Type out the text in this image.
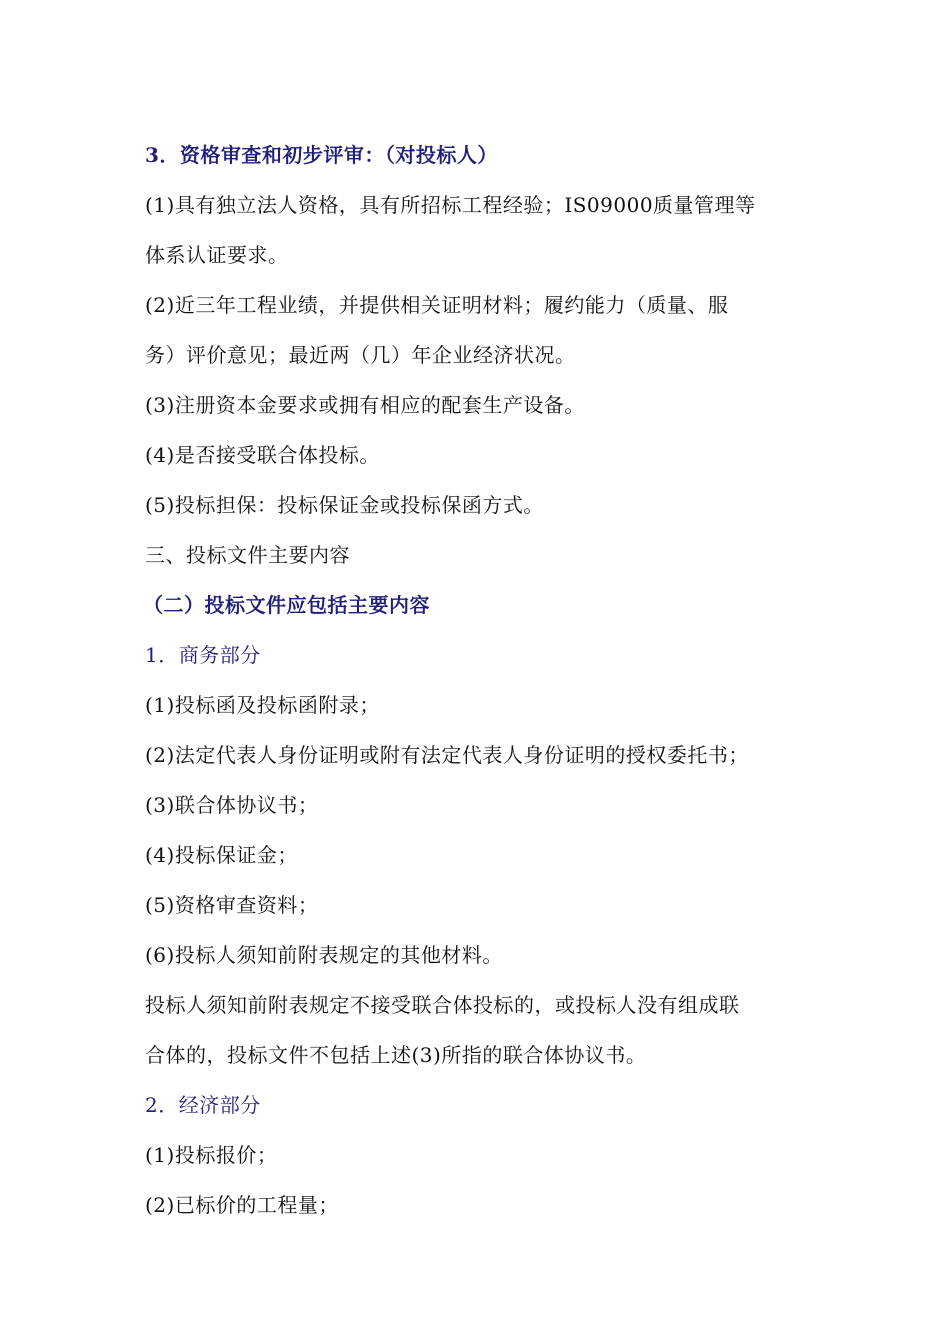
3．资格审查和初步评审：（对投标人）
(1)具有独立法人资格，具有所招标工程经验；IS09000质量管理等
体系认证要求。
(2)近三年工程业绩，并提供相关证明材料；履约能力（质量、服
务）评价意见；最近两（几）年企业经济状况。
(3)注册资本金要求或拥有相应的配套生产设备。
(4)是否接受联合体投标。
(5)投标担保：投标保证金或投标保函方式。
三、投标文件主要内容
（二）投标文件应包括主要内容
1．商务部分
(1)投标函及投标函附录；
(2)法定代表人身份证明或附有法定代表人身份证明的授权委托书；
(3)联合体协议书；
(4)投标保证金；
(5)资格审查资料；
(6)投标人须知前附表规定的其他材料。
投标人须知前附表规定不接受联合体投标的，或投标人没有组成联
合体的，投标文件不包括上述(3)所指的联合体协议书。
2．经济部分
(1)投标报价；
(2)已标价的工程量；
